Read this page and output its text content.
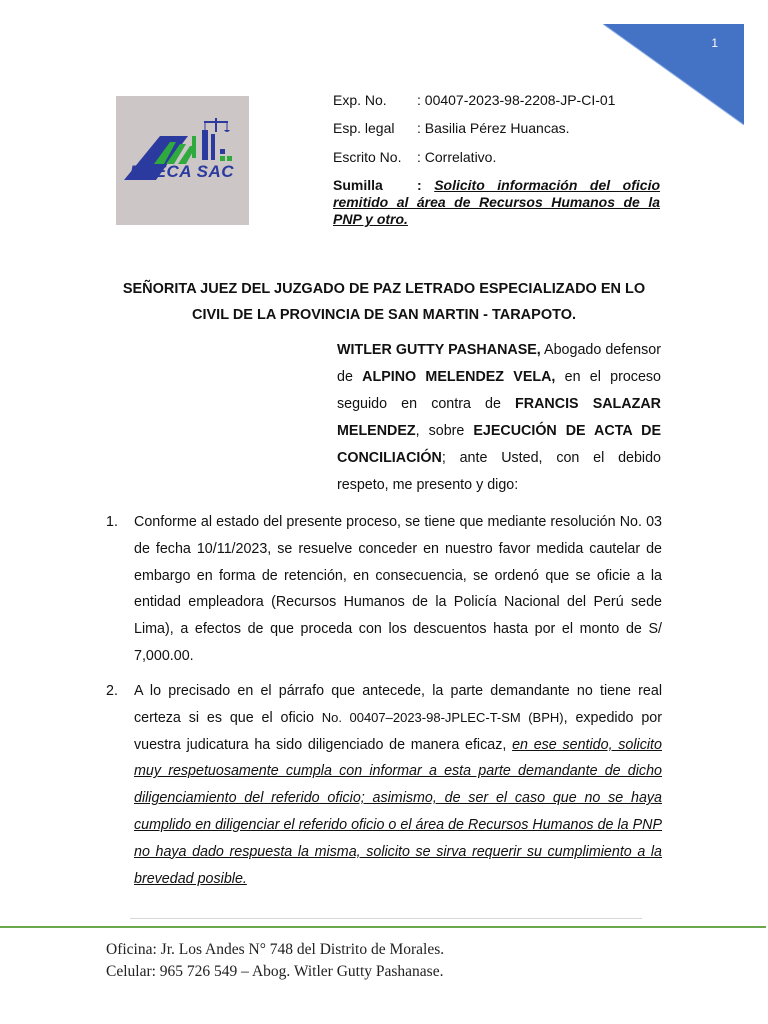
1
PRECA SAC
Exp. No. : 00407-2023-98-2208-JP-CI-01
Esp. legal : Basilia Pérez Huancas.
Escrito No. : Correlativo.
Sumilla : Solicito información del oficio remitido al área de Recursos Humanos de la PNP y otro.
SEÑORITA JUEZ DEL JUZGADO DE PAZ LETRADO ESPECIALIZADO EN LO
CIVIL DE LA PROVINCIA DE SAN MARTIN - TARAPOTO.
WITLER GUTTY PASHANASE, Abogado defensor de ALPINO MELENDEZ VELA, en el proceso seguido en contra de FRANCIS SALAZAR MELENDEZ, sobre EJECUCIÓN DE ACTA DE CONCILIACIÓN; ante Usted, con el debido respeto, me presento y digo:
1.	Conforme al estado del presente proceso, se tiene que mediante resolución No. 03 de fecha 10/11/2023, se resuelve conceder en nuestro favor medida cautelar de embargo en forma de retención, en consecuencia, se ordenó que se oficie a la entidad empleadora (Recursos Humanos de la Policía Nacional del Perú sede Lima), a efectos de que proceda con los descuentos hasta por el monto de S/ 7,000.00.
2.	A lo precisado en el párrafo que antecede, la parte demandante no tiene real certeza si es que el oficio No. 00407–2023-98-JPLEC-T-SM (BPH), expedido por vuestra judicatura ha sido diligenciado de manera eficaz, en ese sentido, solicito muy respetuosamente cumpla con informar a esta parte demandante de dicho diligenciamiento del referido oficio; asimismo, de ser el caso que no se haya cumplido en diligenciar el referido oficio o el área de Recursos Humanos de la PNP no haya dado respuesta la misma, solicito se sirva requerir su cumplimiento a la brevedad posible.
Oficina: Jr. Los Andes N° 748 del Distrito de Morales.
Celular: 965 726 549 – Abog. Witler Gutty Pashanase.
